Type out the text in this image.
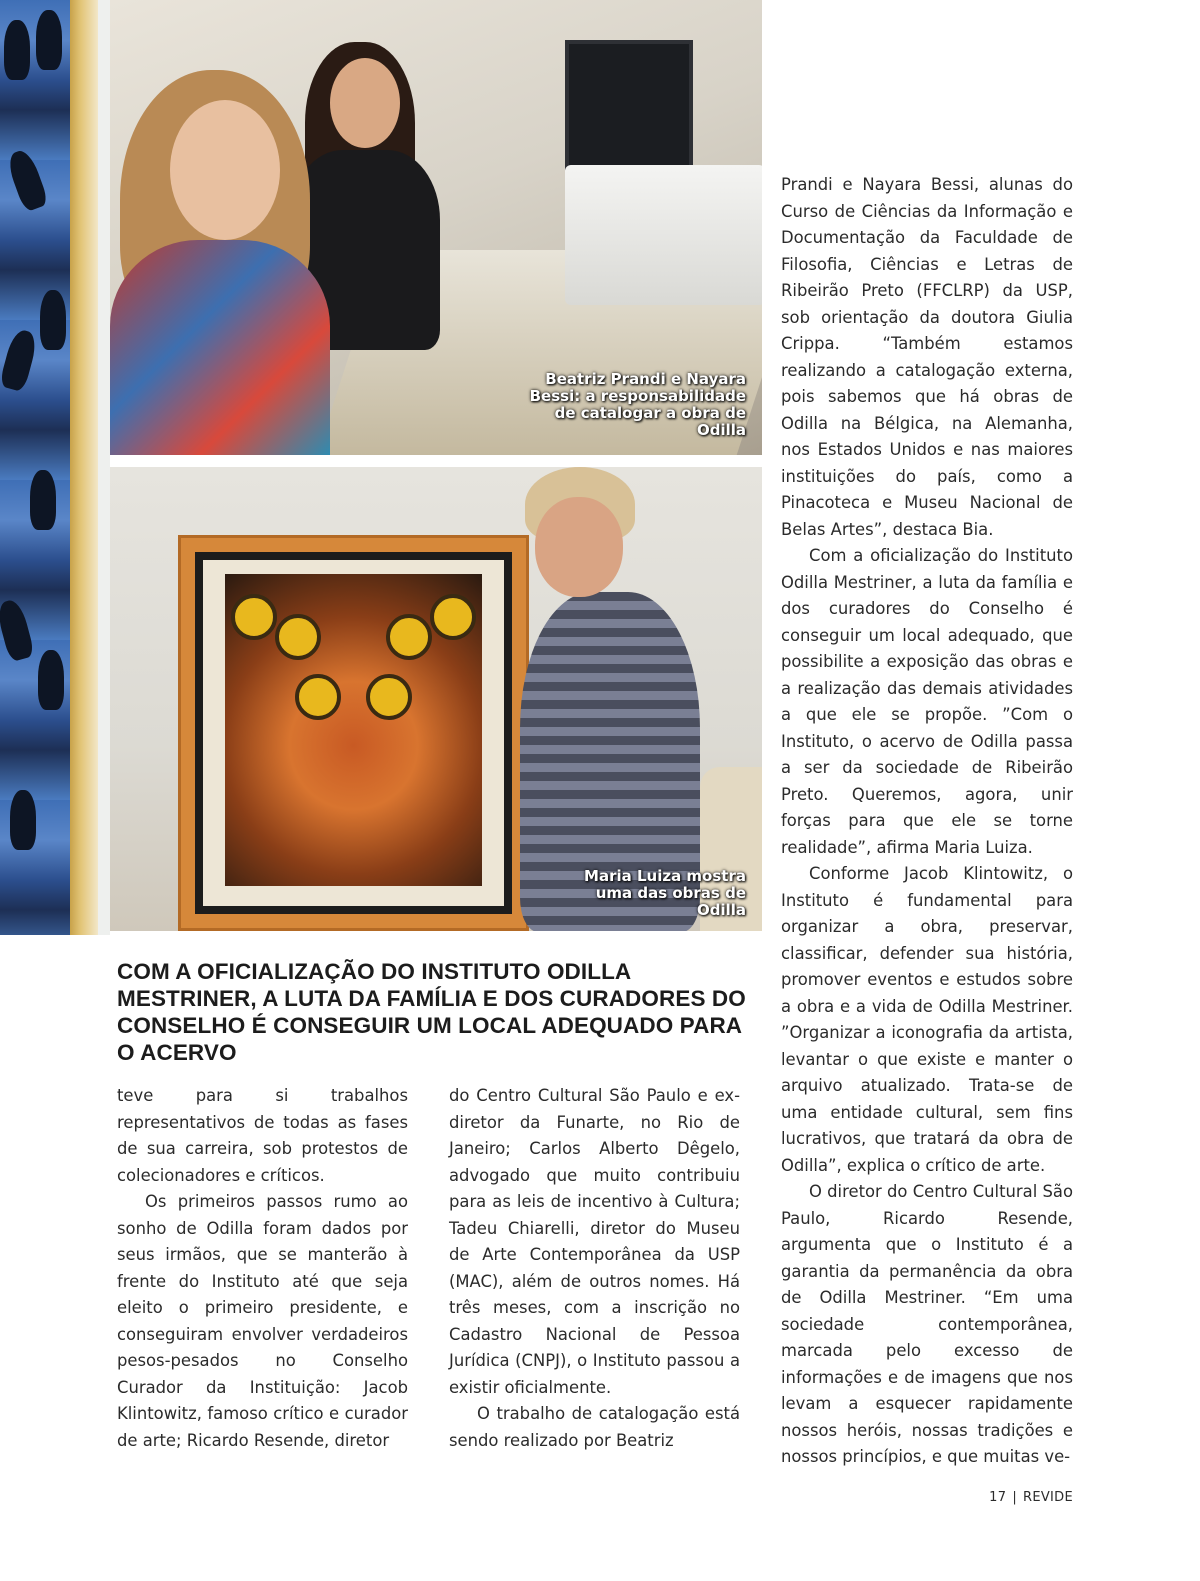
Beatriz Prandi e Nayara Bessi: a responsabilidade de catalogar a obra de Odilla
Maria Luiza mostra uma das obras de Odilla
COM A OFICIALIZAÇÃO DO INSTITUTO ODILLA MESTRINER, A LUTA DA FAMÍLIA E DOS CURADORES DO CONSELHO É CONSEGUIR UM LOCAL ADEQUADO PARA O ACERVO

teve para si trabalhos representativos de todas as fases de sua carreira, sob protestos de colecionadores e críticos.

Os primeiros passos rumo ao sonho de Odilla foram dados por seus irmãos, que se manterão à frente do Instituto até que seja eleito o primeiro presidente, e conseguiram envolver verdadeiros pesos-pesados no Conselho Curador da Instituição: Jacob Klintowitz, famoso crítico e curador de arte; Ricardo Resende, diretor

do Centro Cultural São Paulo e ex-diretor da Funarte, no Rio de Janeiro; Carlos Alberto Dêgelo, advogado que muito contribuiu para as leis de incentivo à Cultura; Tadeu Chiarelli, diretor do Museu de Arte Contemporânea da USP (MAC), além de outros nomes. Há três meses, com a inscrição no Cadastro Nacional de Pessoa Jurídica (CNPJ), o Instituto passou a existir oficialmente.

O trabalho de catalogação está sendo realizado por Beatriz

Prandi e Nayara Bessi, alunas do Curso de Ciências da Informação e Documentação da Faculdade de Filosofia, Ciências e Letras de Ribeirão Preto (FFCLRP) da USP, sob orientação da doutora Giulia Crippa. “Também estamos realizando a catalogação externa, pois sabemos que há obras de Odilla na Bélgica, na Alemanha, nos Estados Unidos e nas maiores instituições do país, como a Pinacoteca e Museu Nacional de Belas Artes”, destaca Bia.

Com a oficialização do Instituto Odilla Mestriner, a luta da família e dos curadores do Conselho é conseguir um local adequado, que possibilite a exposição das obras e a realização das demais atividades a que ele se propõe. ”Com o Instituto, o acervo de Odilla passa a ser da sociedade de Ribeirão Preto. Queremos, agora, unir forças para que ele se torne realidade”, afirma Maria Luiza.

Conforme Jacob Klintowitz, o Instituto é fundamental para organizar a obra, preservar, classificar, defender sua história, promover eventos e estudos sobre a obra e a vida de Odilla Mestriner. ”Organizar a iconografia da artista, levantar o que existe e manter o arquivo atualizado. Trata-se de uma entidade cultural, sem fins lucrativos, que tratará da obra de Odilla”, explica o crítico de arte.

O diretor do Centro Cultural São Paulo, Ricardo Resende, argumenta que o Instituto é a garantia da permanência da obra de Odilla Mestriner. “Em uma sociedade contemporânea, marcada pelo excesso de informações e de imagens que nos levam a esquecer rapidamente nossos heróis, nossas tradições e nossos princípios, e que muitas ve-

17 | REVIDE
